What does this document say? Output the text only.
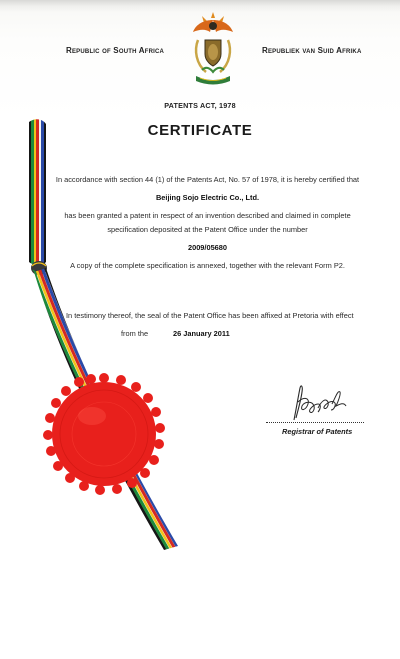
Republic of South Africa	Republiek van Suid Afrika
PATENTS ACT, 1978
CERTIFICATE
In accordance with section 44 (1) of the Patents Act, No. 57 of 1978, it is hereby certified that
Beijing Sojo Electric Co., Ltd.
has been granted a patent in respect of an invention described and claimed in complete
specification deposited at the Patent Office under the number
2009/05680
A copy of the complete specification is annexed, together with the relevant Form P2.
In testimony thereof, the seal of the Patent Office has been affixed at Pretoria with effect
from the	26 January 2011
Registrar of Patents
